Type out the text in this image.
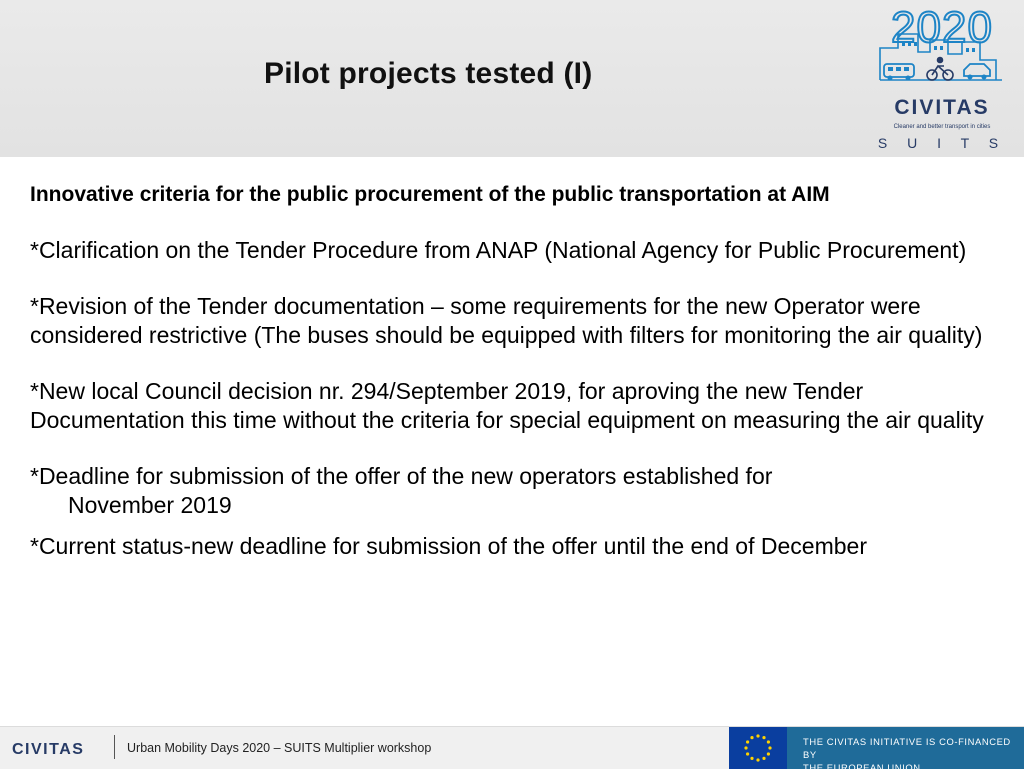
Pilot projects tested (I)
2020
CIVITAS
Cleaner and better transport in cities
S U I T S
Innovative criteria for the public procurement of the public transportation at AIM
*Clarification on the Tender Procedure from ANAP (National Agency for Public Procurement)
*Revision of the Tender documentation – some requirements for the new Operator were considered restrictive (The buses should be equipped with filters for monitoring the air quality)
*New local Council decision nr. 294/September 2019, for aproving the new Tender Documentation this time without the criteria for special equipment on measuring the air quality
*Deadline for submission of the offer of the new operators established for
November 2019
*Current status-new deadline for submission of the offer until the end of December
CIVITAS	Urban Mobility Days 2020 – SUITS Multiplier workshop	THE CIVITAS INITIATIVE IS CO-FINANCED BY
THE EUROPEAN UNION
